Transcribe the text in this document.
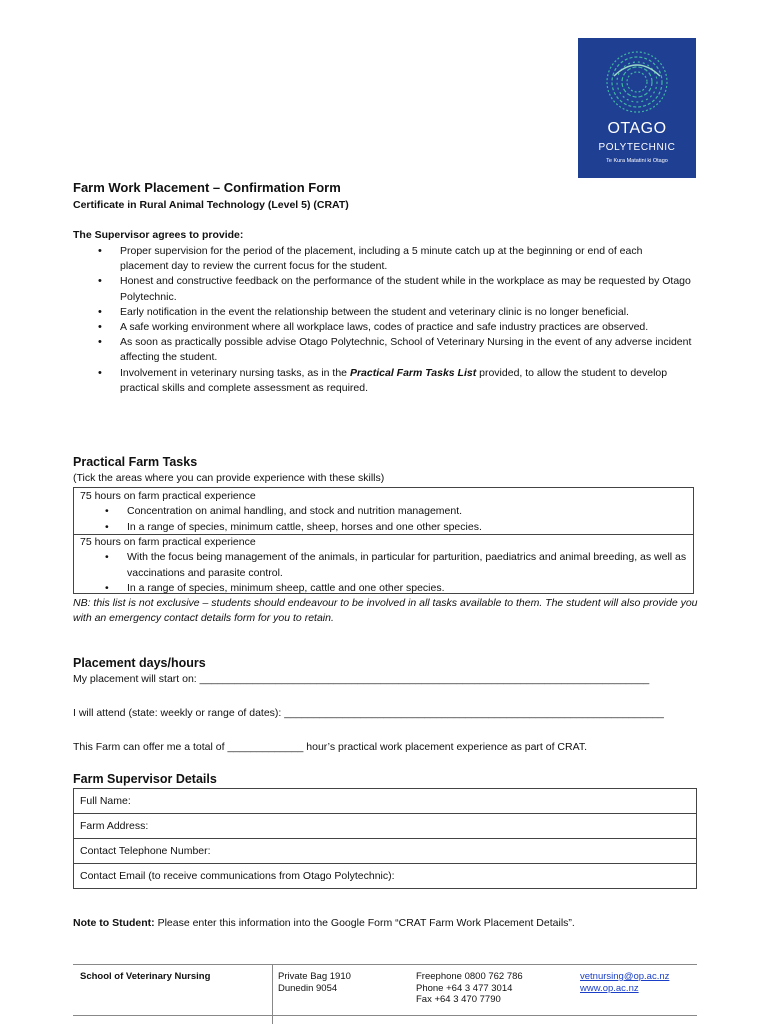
OTAGO
POLYTECHNIC
Te Kura Matatini ki Otago
Farm Work Placement – Confirmation Form
Certificate in Rural Animal Technology (Level 5) (CRAT)
The Supervisor agrees to provide:
• Proper supervision for the period of the placement, including a 5 minute catch up at the beginning or end of each placement day to review the current focus for the student.
• Honest and constructive feedback on the performance of the student while in the workplace as may be requested by Otago Polytechnic.
• Early notification in the event the relationship between the student and veterinary clinic is no longer beneficial.
• A safe working environment where all workplace laws, codes of practice and safe industry practices are observed.
• As soon as practically possible advise Otago Polytechnic, School of Veterinary Nursing in the event of any adverse incident affecting the student.
• Involvement in veterinary nursing tasks, as in the Practical Farm Tasks List provided, to allow the student to develop practical skills and complete assessment as required.
Practical Farm Tasks
(Tick the areas where you can provide experience with these skills)
75 hours on farm practical experience
• Concentration on animal handling, and stock and nutrition management.
• In a range of species, minimum cattle, sheep, horses and one other species.
75 hours on farm practical experience
• With the focus being management of the animals, in particular for parturition, paediatrics and animal breeding, as well as vaccinations and parasite control.
• In a range of species, minimum sheep, cattle and one other species.
NB: this list is not exclusive – students should endeavour to be involved in all tasks available to them. The student will also provide you with an emergency contact details form for you to retain.
Placement days/hours
My placement will start on: _____________________________________________________________________________
I will attend (state: weekly or range of dates): _________________________________________________________________
This Farm can offer me a total of _____________ hour’s practical work placement experience as part of CRAT.
Farm Supervisor Details
Full Name:
Farm Address:
Contact Telephone Number:
Contact Email (to receive communications from Otago Polytechnic):
Note to Student: Please enter this information into the Google Form “CRAT Farm Work Placement Details”.
School of Veterinary Nursing	Private Bag 1910
Dunedin 9054
Freephone 0800 762 786
Phone +64 3 477 3014
Fax +64 3 470 7790
vetnursing@op.ac.nz
www.op.ac.nz
